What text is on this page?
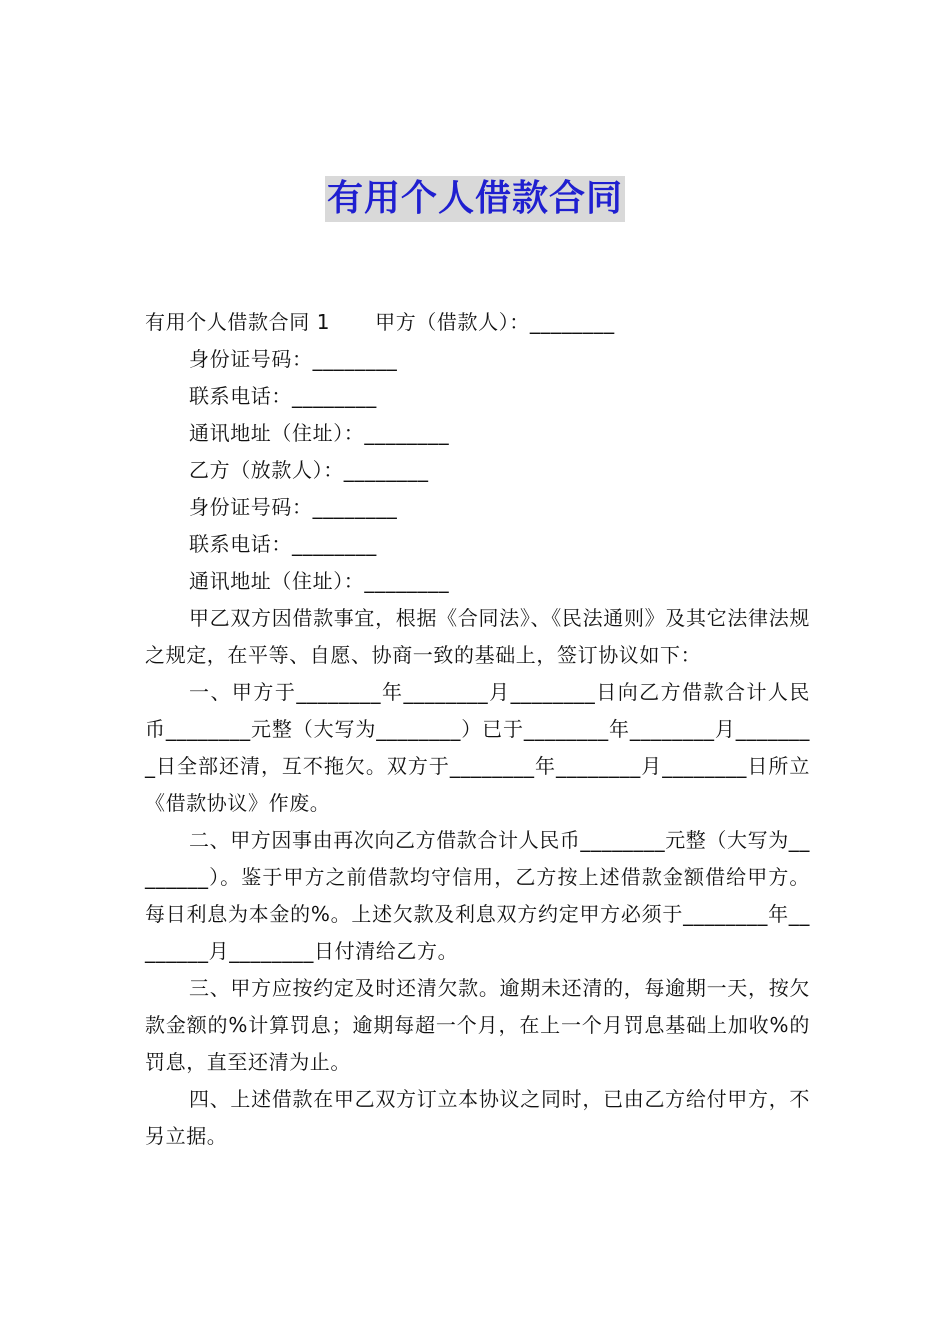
有用个人借款合同
有用个人借款合同 1 甲方（借款人）：________
身份证号码：________
联系电话：________
通讯地址（住址）：________
乙方（放款人）：________
身份证号码：________
联系电话：________
通讯地址（住址）：________
甲乙双方因借款事宜，根据《合同法》、《民法通则》及其它法律法规之规定，在平等、自愿、协商一致的基础上，签订协议如下：
一、甲方于________年________月________日向乙方借款合计人民币________元整（大写为________）已于________年________月________日全部还清，互不拖欠。双方于________年________月________日所立《借款协议》作废。
二、甲方因事由再次向乙方借款合计人民币________元整（大写为________）。鉴于甲方之前借款均守信用，乙方按上述借款金额借给甲方。每日利息为本金的%。上述欠款及利息双方约定甲方必须于________年________月________日付清给乙方。
三、甲方应按约定及时还清欠款。逾期未还清的，每逾期一天，按欠款金额的%计算罚息；逾期每超一个月，在上一个月罚息基础上加收%的罚息，直至还清为止。
四、上述借款在甲乙双方订立本协议之同时，已由乙方给付甲方，不另立据。
